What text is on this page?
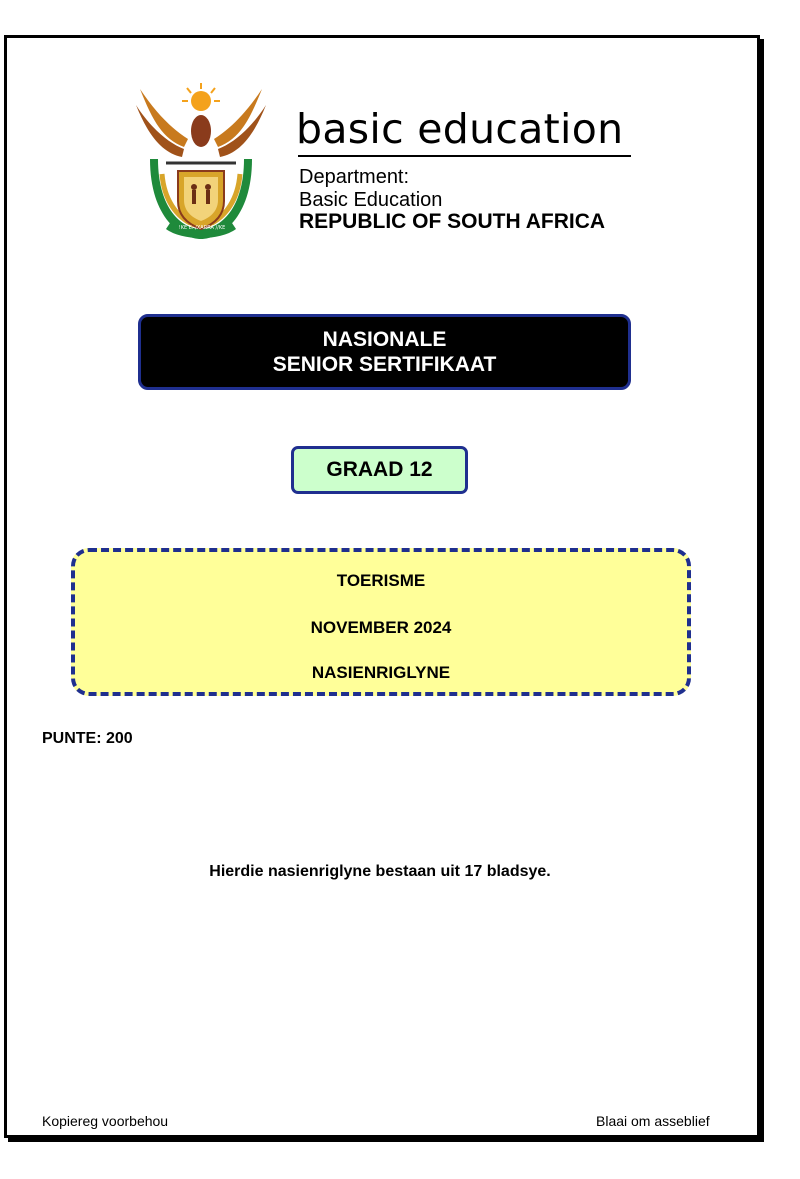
!KE E: /XARRA //KE
basic education
Department:
Basic Education
REPUBLIC OF SOUTH AFRICA
NASIONALE
SENIOR SERTIFIKAAT
GRAAD 12
TOERISME
NOVEMBER 2024
NASIENRIGLYNE
PUNTE: 200
Hierdie nasienriglyne bestaan uit 17 bladsye.
Kopiereg voorbehou	Blaai om asseblief
